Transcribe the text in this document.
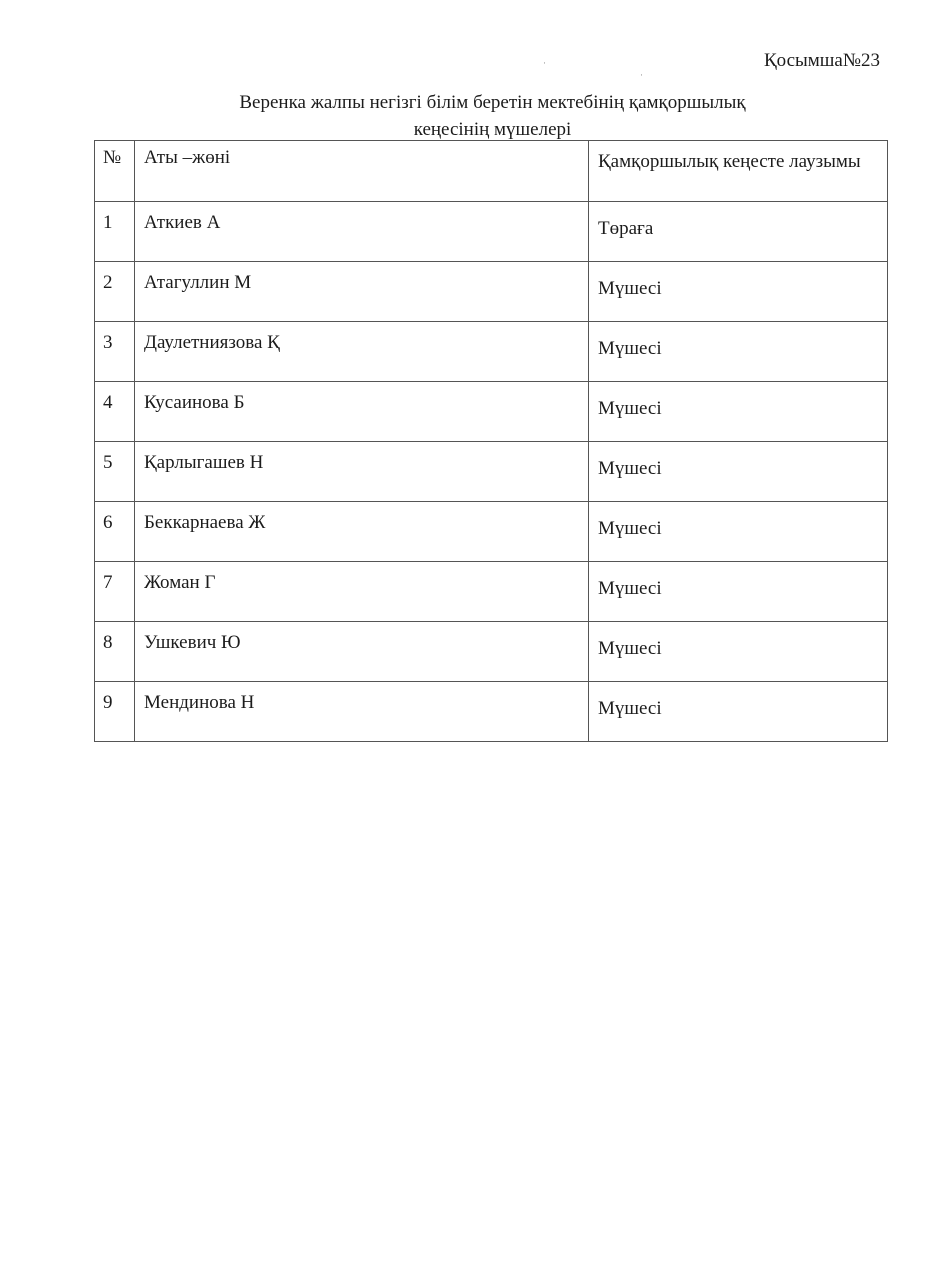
·
·
Қосымша№23
Веренка жалпы негізгі білім беретін мектебінің қамқоршылық
кеңесінің мүшелері
№	Аты –жөні	Қамқоршылық кеңесте лаузымы
1	Аткиев А	Төраға
2	Атагуллин М	Мүшесі
3	Даулетниязова Қ	Мүшесі
4	Кусаинова Б	Мүшесі
5	Қарлыгашев Н	Мүшесі
6	Беккарнаева Ж	Мүшесі
7	Жоман Г	Мүшесі
8	Ушкевич Ю	Мүшесі
9	Мендинова Н	Мүшесі
